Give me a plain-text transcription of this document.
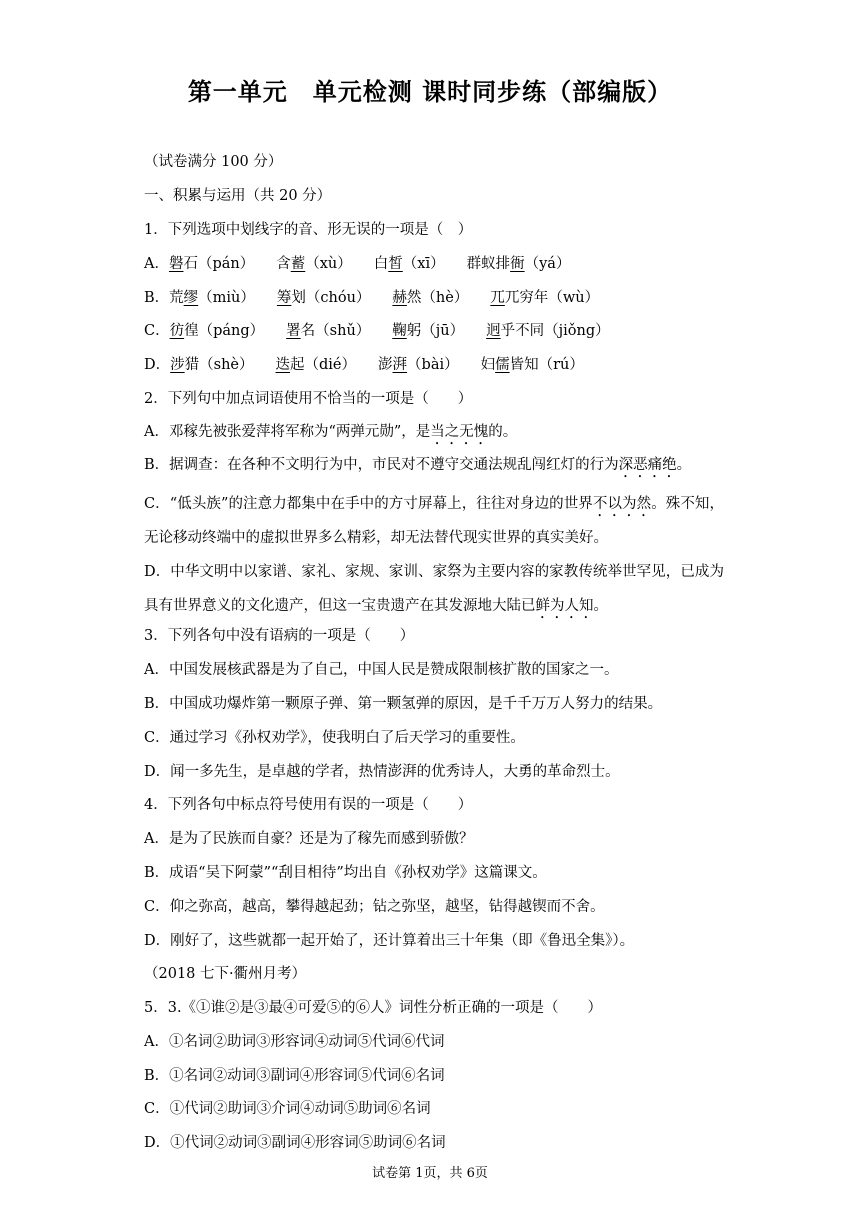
第一单元　单元检测 课时同步练（部编版）
（试卷满分 100 分）
一、积累与运用（共 20 分）
1．下列选项中划线字的音、形无误的一项是（　）
A．磐石（pán） 含蓄（xù） 白皙（xī） 群蚁排衙（yá）
B．荒缪（miù） 筹划（chóu） 赫然（hè） 兀兀穷年（wù）
C．彷徨（páng） 署名（shǔ） 鞠躬（jū） 迥乎不同（jiǒng）
D．涉猎（shè） 迭起（dié） 澎湃（bài） 妇儒皆知（rú）
2．下列句中加点词语使用不恰当的一项是（　　）
A．邓稼先被张爱萍将军称为“两弹元勋”，是当之无愧的。
B．据调查：在各种不文明行为中，市民对不遵守交通法规乱闯红灯的行为深恶痛绝。
C．“低头族”的注意力都集中在手中的方寸屏幕上，往往对身边的世界不以为然。殊不知，无论移动终端中的虚拟世界多么精彩，却无法替代现实世界的真实美好。
D．中华文明中以家谱、家礼、家规、家训、家祭为主要内容的家教传统举世罕见，已成为具有世界意义的文化遗产，但这一宝贵遗产在其发源地大陆已鲜为人知。
3．下列各句中没有语病的一项是（　　）
A．中国发展核武器是为了自己，中国人民是赞成限制核扩散的国家之一。
B．中国成功爆炸第一颗原子弹、第一颗氢弹的原因，是千千万万人努力的结果。
C．通过学习《孙权劝学》，使我明白了后天学习的重要性。
D．闻一多先生，是卓越的学者，热情澎湃的优秀诗人，大勇的革命烈士。
4．下列各句中标点符号使用有误的一项是（　　）
A．是为了民族而自豪？还是为了稼先而感到骄傲？
B．成语“吴下阿蒙”“刮目相待”均出自《孙权劝学》这篇课文。
C．仰之弥高，越高，攀得越起劲；钻之弥坚，越坚，钻得越锲而不舍。
D．刚好了，这些就都一起开始了，还计算着出三十年集（即《鲁迅全集》）。
（2018 七下·衢州月考）
5．3.《①谁②是③最④可爱⑤的⑥人》词性分析正确的一项是（　　）
A．①名词②助词③形容词④动词⑤代词⑥代词
B．①名词②动词③副词④形容词⑤代词⑥名词
C．①代词②助词③介词④动词⑤助词⑥名词
D．①代词②动词③副词④形容词⑤助词⑥名词
试卷第 1页，共 6页
